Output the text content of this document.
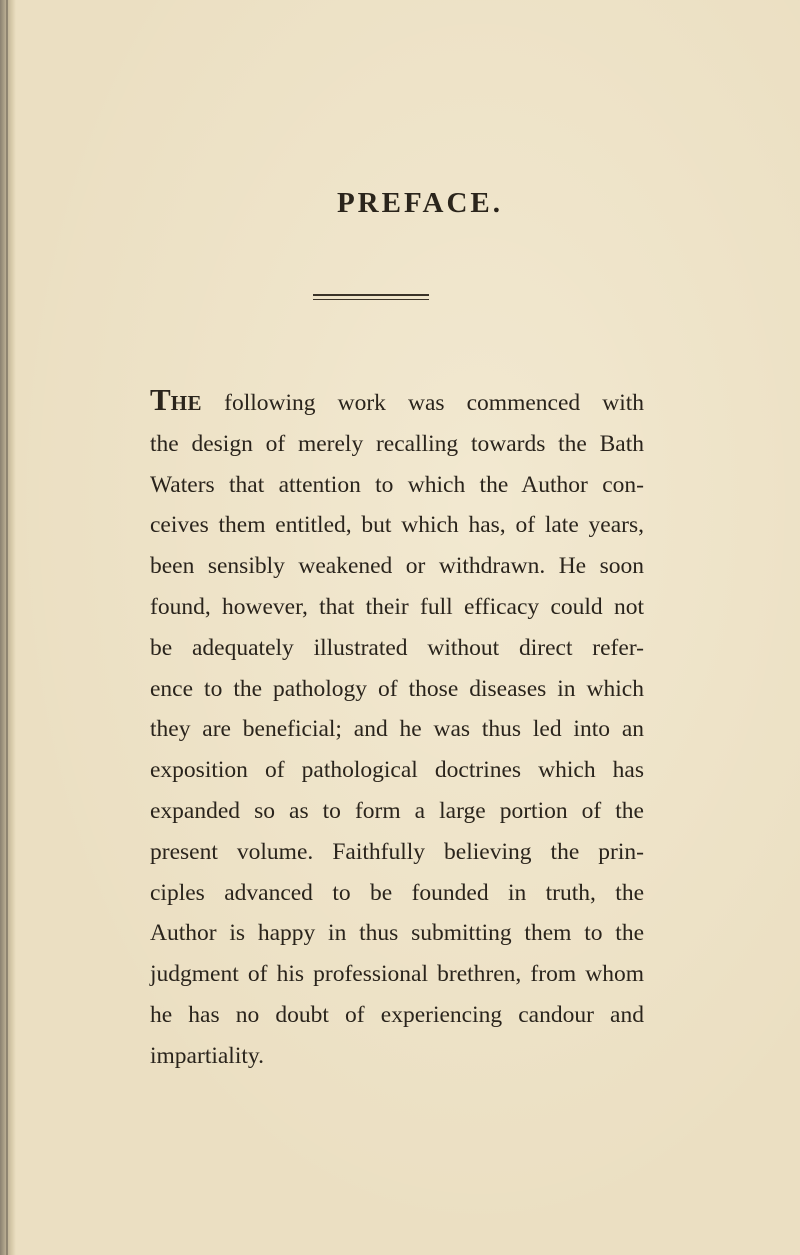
PREFACE.
THE following work was commenced with
the design of merely recalling towards the Bath
Waters that attention to which the Author con-
ceives them entitled, but which has, of late years,
been sensibly weakened or withdrawn. He soon
found, however, that their full efficacy could not
be adequately illustrated without direct refer-
ence to the pathology of those diseases in which
they are beneficial; and he was thus led into an
exposition of pathological doctrines which has
expanded so as to form a large portion of the
present volume. Faithfully believing the prin-
ciples advanced to be founded in truth, the
Author is happy in thus submitting them to the
judgment of his professional brethren, from whom
he has no doubt of experiencing candour and
impartiality.
